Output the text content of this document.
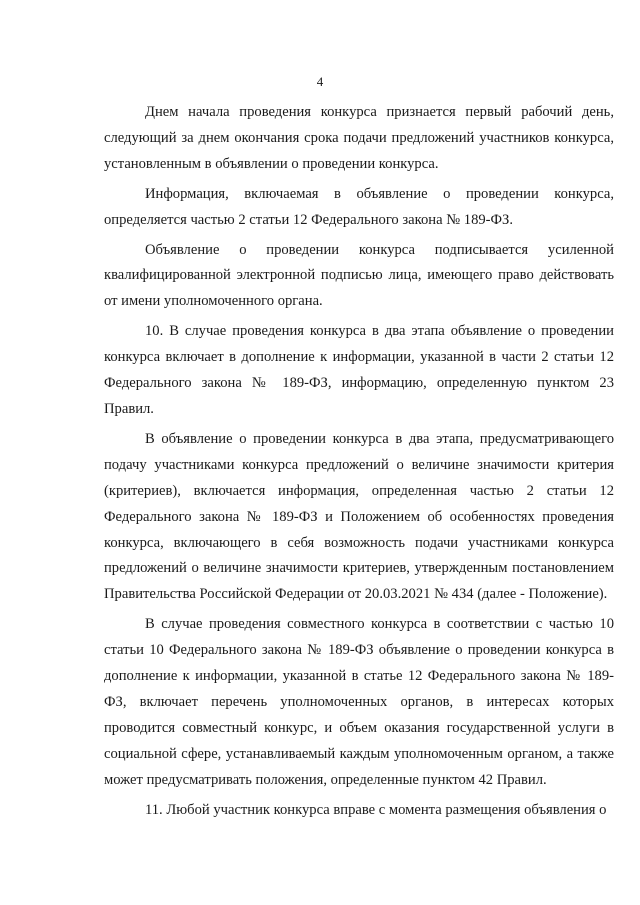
4

Днем начала проведения конкурса признается первый рабочий день, следующий за днем окончания срока подачи предложений участников конкурса, установленным в объявлении о проведении конкурса.

Информация, включаемая в объявление о проведении конкурса, определяется частью 2 статьи 12 Федерального закона № 189-ФЗ.

Объявление о проведении конкурса подписывается усиленной квалифицированной электронной подписью лица, имеющего право действовать от имени уполномоченного органа.

10. В случае проведения конкурса в два этапа объявление о проведении конкурса включает в дополнение к информации, указанной в части 2 статьи 12 Федерального закона № 189-ФЗ, информацию, определенную пунктом 23 Правил.

В объявление о проведении конкурса в два этапа, предусматривающего подачу участниками конкурса предложений о величине значимости критерия (критериев), включается информация, определенная частью 2 статьи 12 Федерального закона № 189-ФЗ и Положением об особенностях проведения конкурса, включающего в себя возможность подачи участниками конкурса предложений о величине значимости критериев, утвержденным постановлением Правительства Российской Федерации от 20.03.2021 № 434 (далее - Положение).

В случае проведения совместного конкурса в соответствии с частью 10 статьи 10 Федерального закона № 189-ФЗ объявление о проведении конкурса в дополнение к информации, указанной в статье 12 Федерального закона № 189-ФЗ, включает перечень уполномоченных органов, в интересах которых проводится совместный конкурс, и объем оказания государственной услуги в социальной сфере, устанавливаемый каждым уполномоченным органом, а также может предусматривать положения, определенные пунктом 42 Правил.

11. Любой участник конкурса вправе с момента размещения объявления о
